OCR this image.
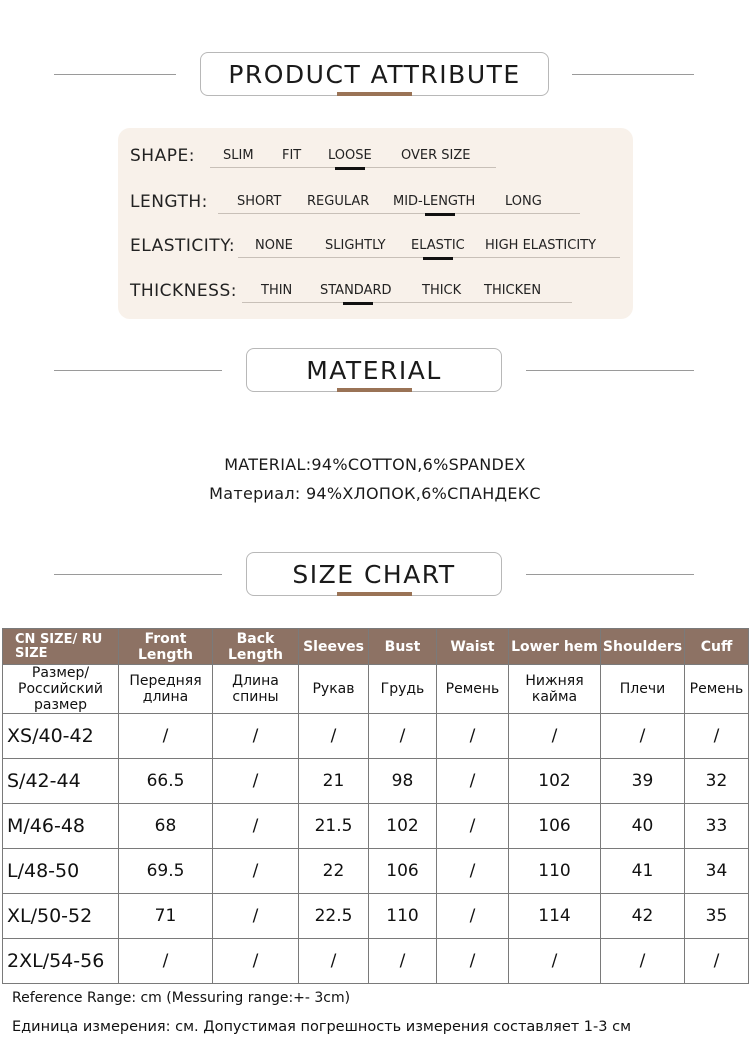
PRODUCT ATTRIBUTE
SHAPE: SLIM FIT LOOSE OVER SIZE
LENGTH: SHORT REGULAR MID-LENGTH LONG
ELASTICITY: NONE SLIGHTLY ELASTIC HIGH ELASTICITY
THICKNESS: THIN STANDARD THICK THICKEN
MATERIAL
MATERIAL:94%COTTON,6%SPANDEX
Материал: 94%ХЛОПОК,6%СПАНДЕКС
SIZE CHART
CN SIZE/ RU SIZE	Front Length	Back Length	Sleeves	Bust	Waist	Lower hem	Shoulders	Cuff
Размер/ Российский размер	Передняя длина	Длина спины	Рукав	Грудь	Ремень	Нижняя кайма	Плечи	Ремень
XS/40-42	/	/	/	/	/	/	/	/
S/42-44	66.5	/	21	98	/	102	39	32
M/46-48	68	/	21.5	102	/	106	40	33
L/48-50	69.5	/	22	106	/	110	41	34
XL/50-52	71	/	22.5	110	/	114	42	35
2XL/54-56	/	/	/	/	/	/	/	/
Reference Range: cm (Messuring range:+- 3cm)
Единица измерения: см. Допустимая погрешность измерения составляет 1-3 см
